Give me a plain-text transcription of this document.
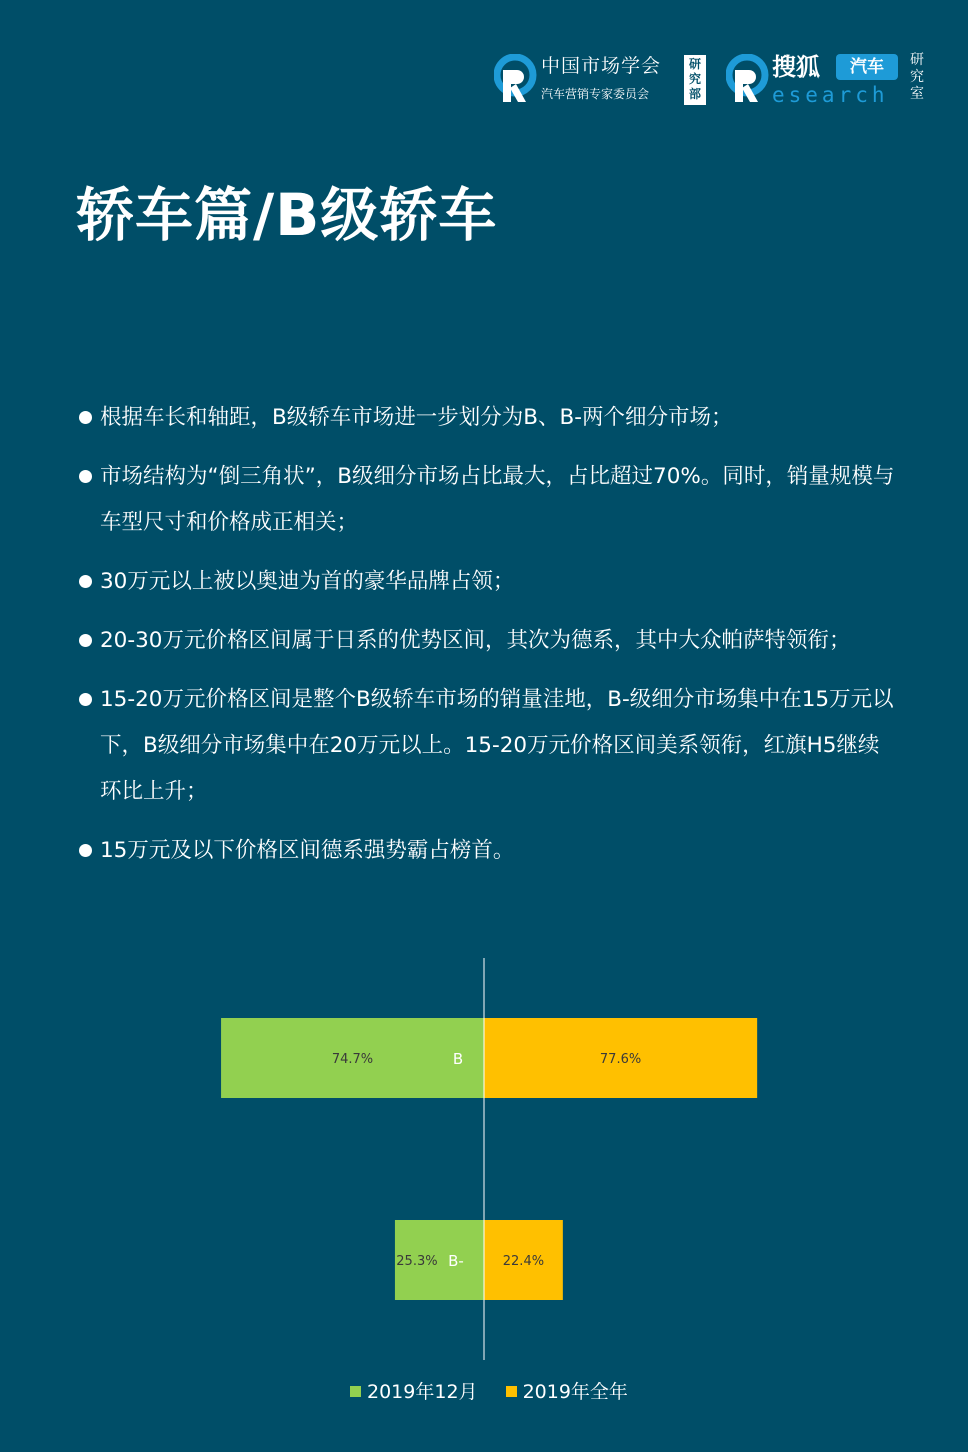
中国市场学会
汽车营销专家委员会
研究部
搜狐	汽车
esearch
研究室
轿车篇/B级轿车
根据车长和轴距，B级轿车市场进一步划分为B、B-两个细分市场；
市场结构为“倒三角状”，B级细分市场占比最大，占比超过70%。同时，销量规模与车型尺寸和价格成正相关；
30万元以上被以奥迪为首的豪华品牌占领；
20-30万元价格区间属于日系的优势区间，其次为德系，其中大众帕萨特领衔；
15-20万元价格区间是整个B级轿车市场的销量洼地，B-级细分市场集中在15万元以下，B级细分市场集中在20万元以上。15-20万元价格区间美系领衔，红旗H5继续环比上升；
15万元及以下价格区间德系强势霸占榜首。
74.7%	77.6%
B
25.3%	22.4%
B-
2019年12月 2019年全年
